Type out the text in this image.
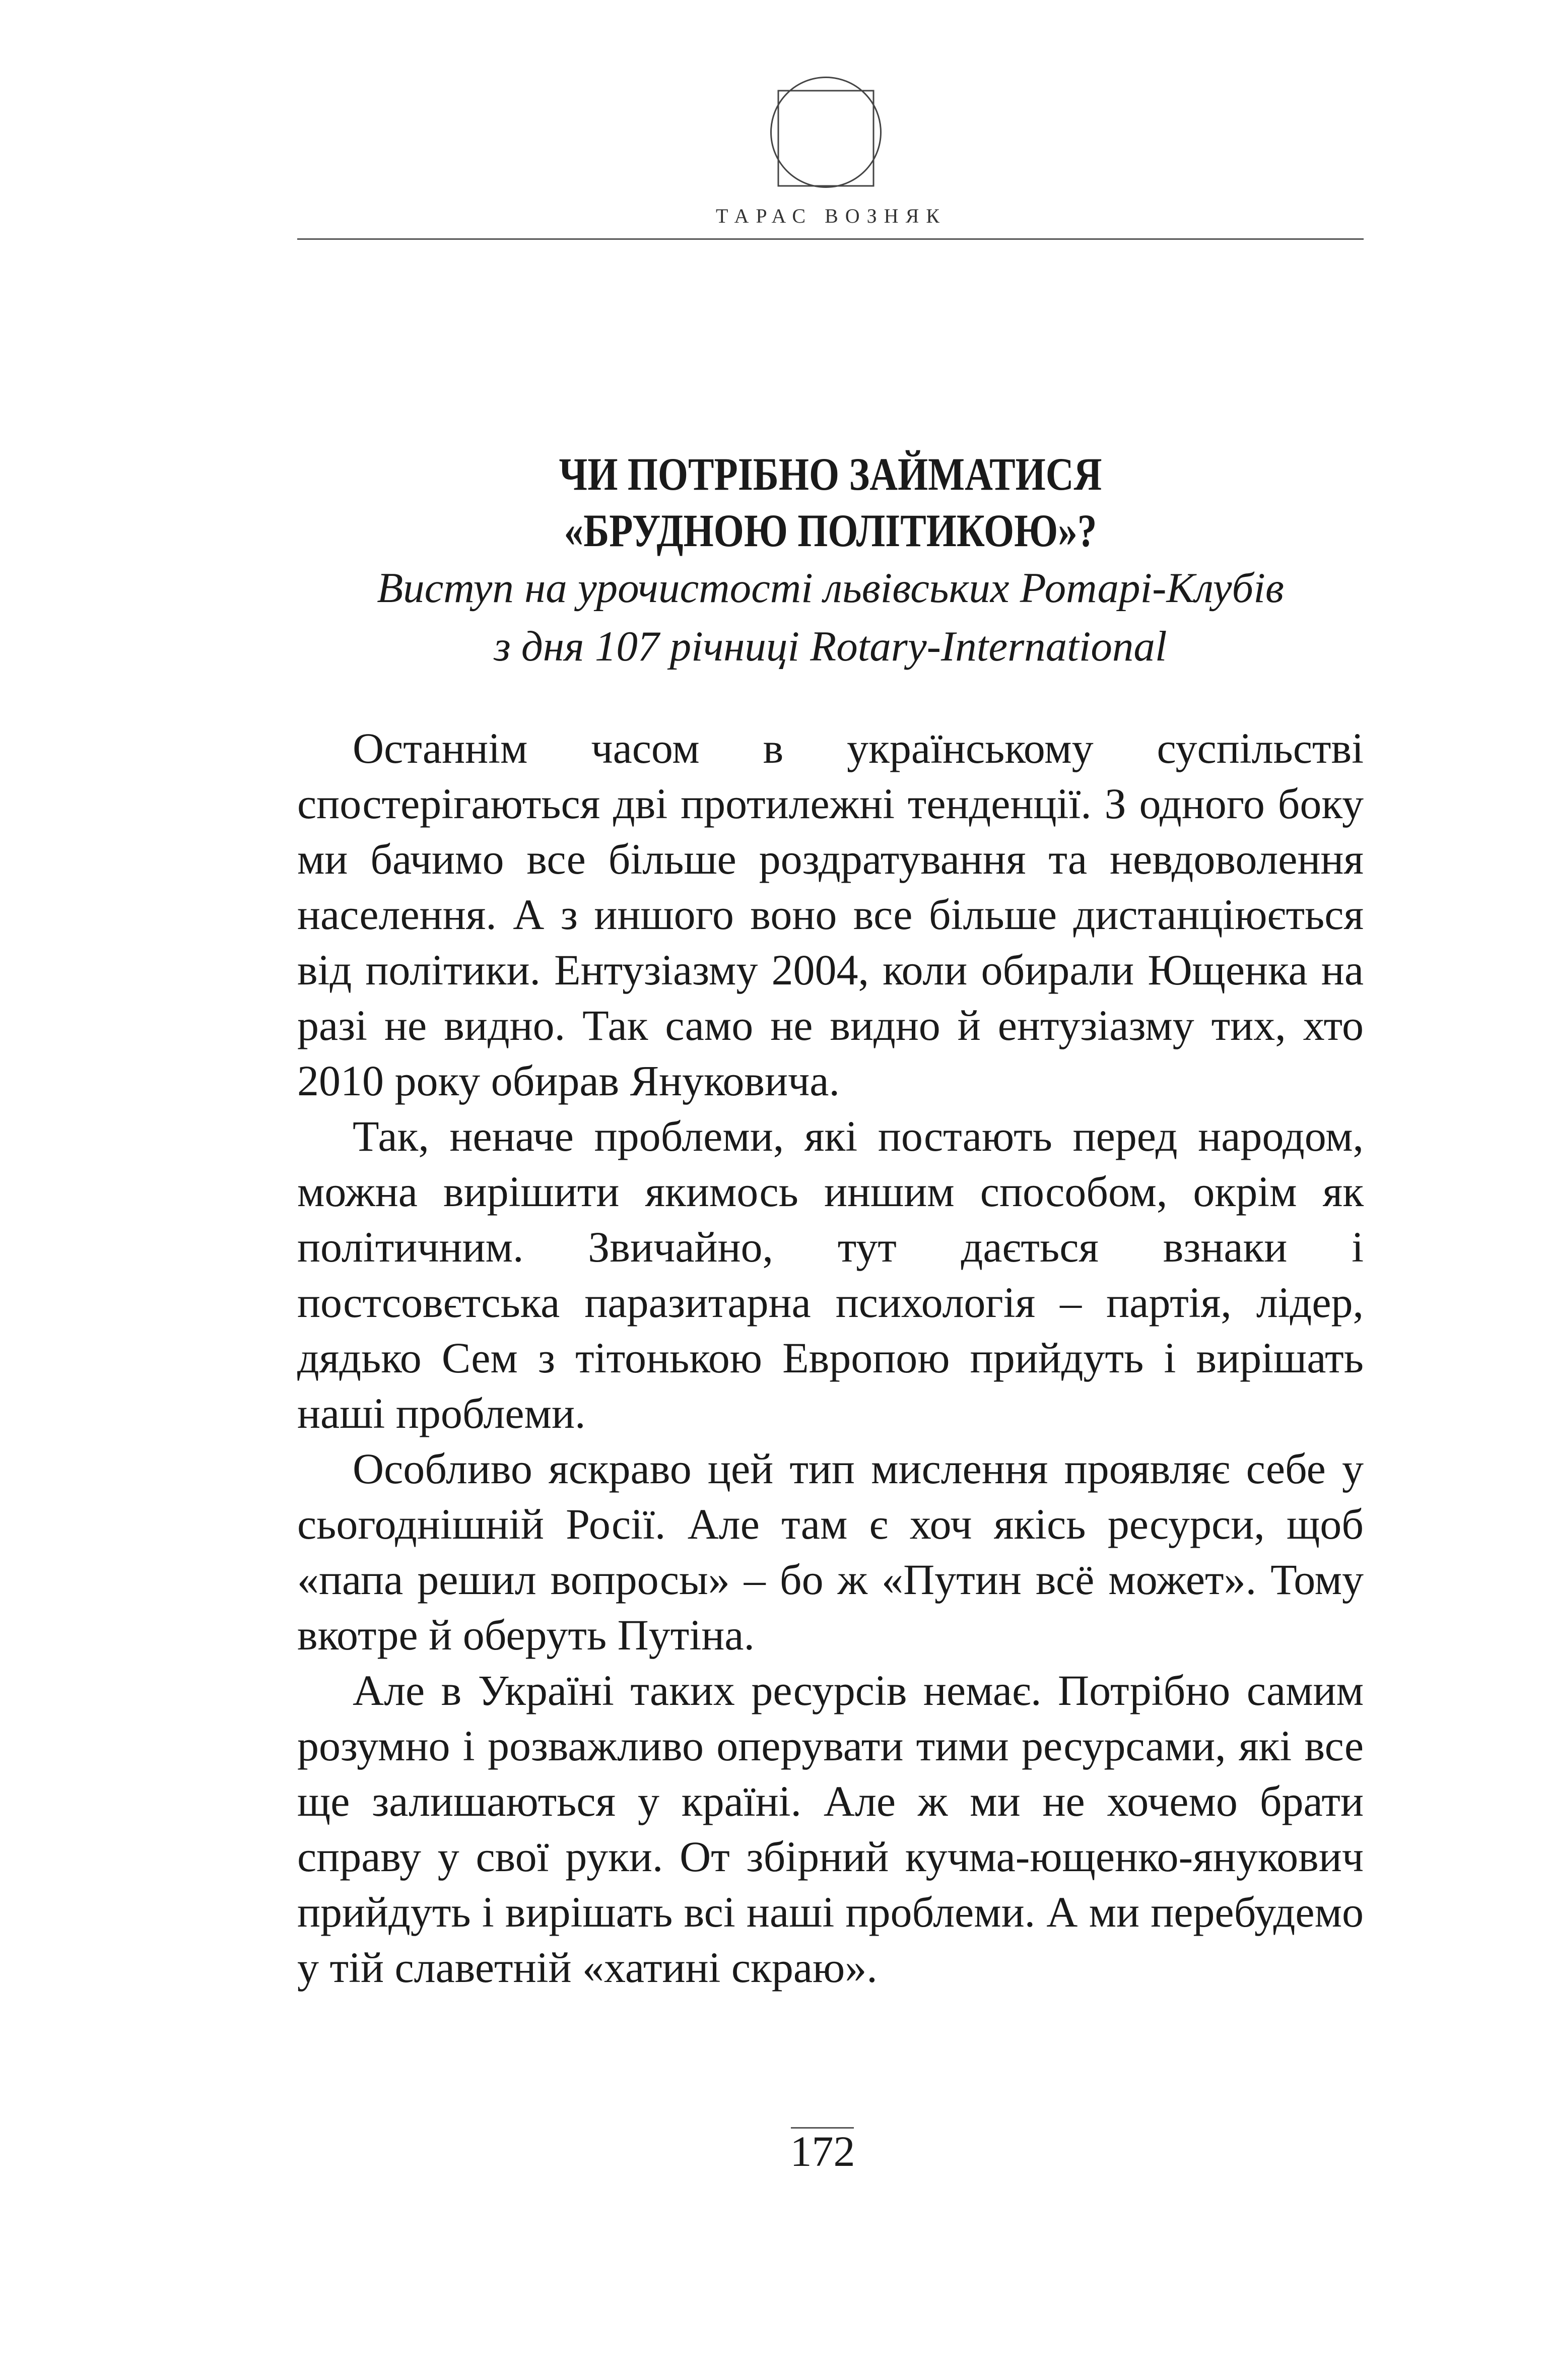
ТАРАС ВОЗНЯК
ЧИ ПОТРІБНО ЗАЙМАТИСЯ
«БРУДНОЮ ПОЛІТИКОЮ»?
Виступ на урочистості львівських Ротарі-Клубів
з дня 107 річниці Rotary-International

Останнім часом в українському суспільстві спостерігаються дві протилежні тенденції. З одного боку ми бачимо все більше роздратування та невдоволення населення. А з иншого воно все більше дистанціюється від політики. Ентузіазму 2004, коли обирали Ющенка на разі не видно. Так само не видно й ентузіазму тих, хто 2010 року обирав Януковича.

Так, неначе проблеми, які постають перед народом, можна вирішити якимось иншим способом, окрім як політичним. Звичайно, тут дається взнаки і постсовєтська паразитарна психологія – партія, лідер, дядько Сем з тітонькою Европою прийдуть і вирішать наші проблеми.

Особливо яскраво цей тип мислення проявляє себе у сьогоднішній Росії. Але там є хоч якісь ресурси, щоб «папа решил вопросы» – бо ж «Путин всё может». Тому вкотре й оберуть Путіна.

Але в Україні таких ресурсів немає. Потрібно самим розумно і розважливо оперувати тими ресурсами, які все ще залишаються у країні. Але ж ми не хочемо брати справу у свої руки. От збірний кучма-ющенко-янукович прийдуть і вирішать всі наші проблеми. А ми перебудемо у тій славетній «хатині скраю».

172
